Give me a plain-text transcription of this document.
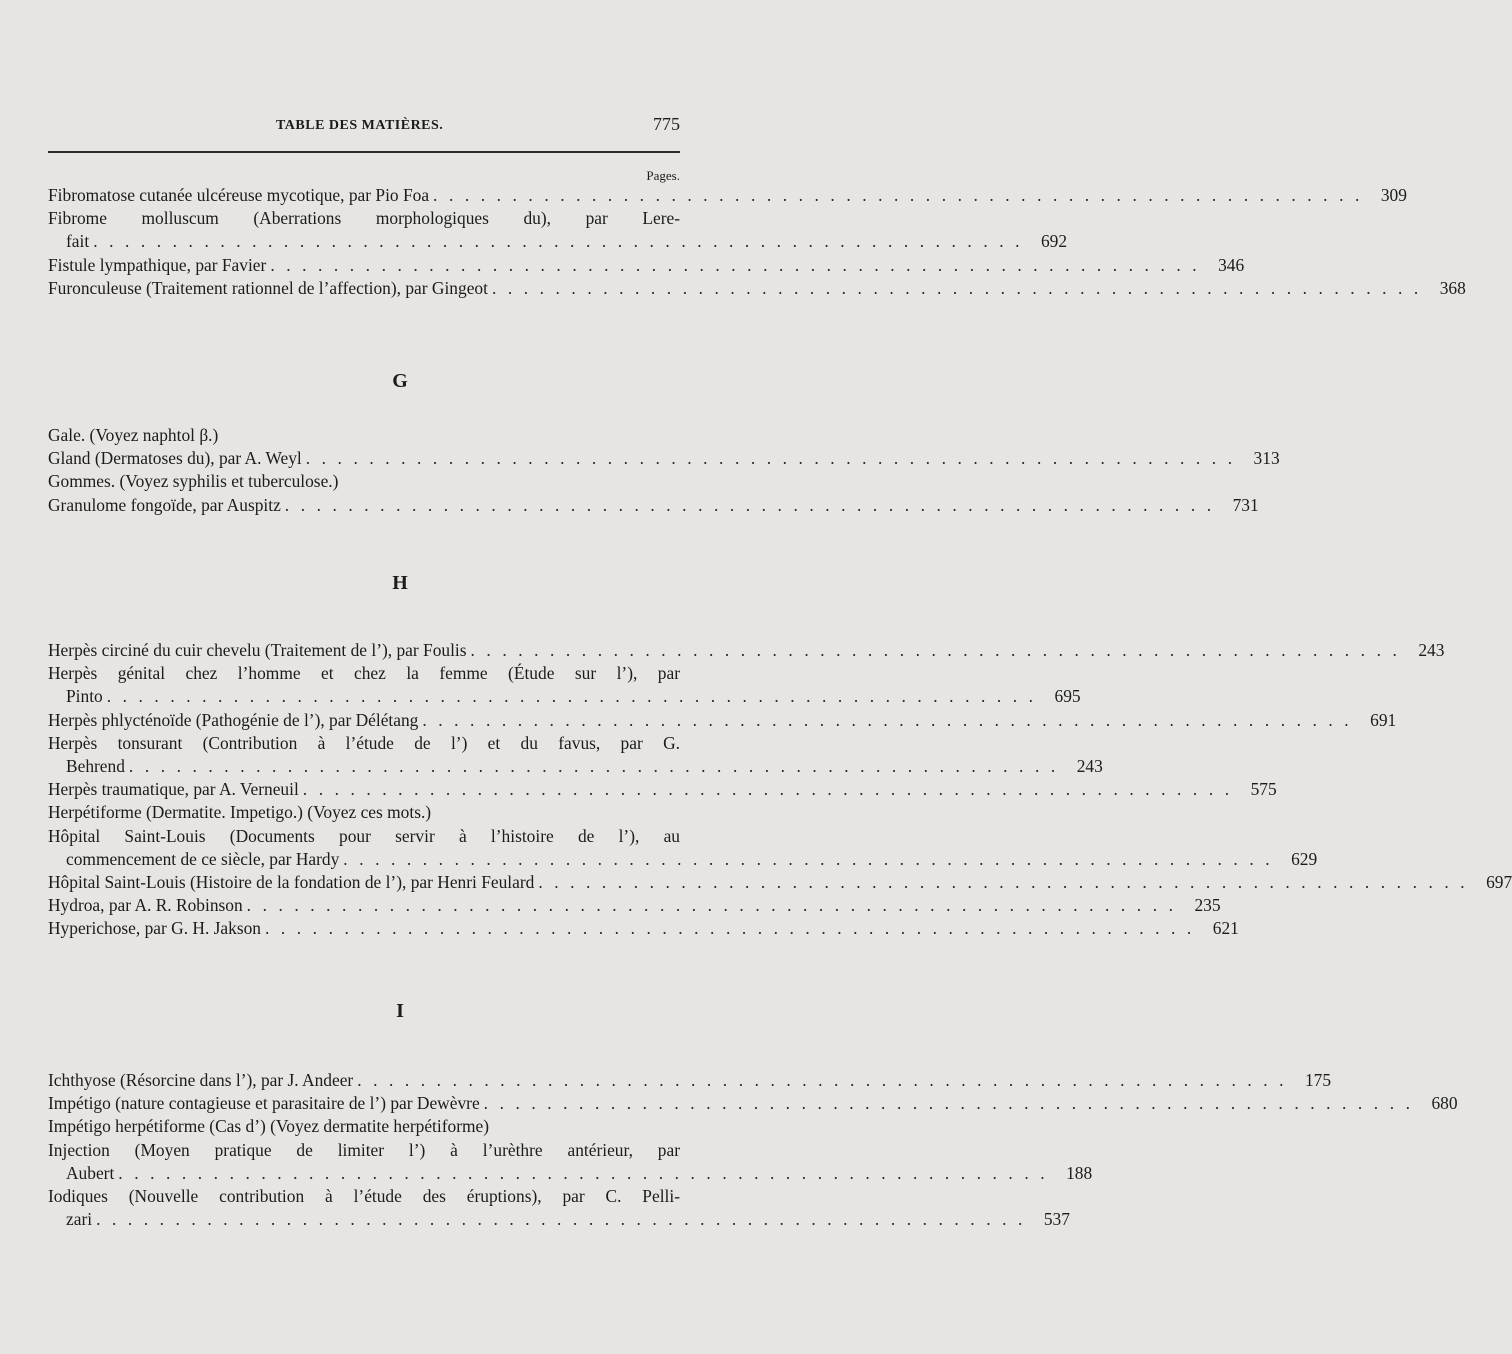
TABLE DES MATIÈRES.	775
Pages.
Fibromatose cutanée ulcéreuse mycotique, par Pio Foa . . . . . . . . . . . . . . . . . . . . . . . . . . . . . . . . . . . . . . . . . . . . . . . . . . . . . . . . . . .	309
Fibrome molluscum (Aberrations morphologiques du), par Lere-
fait . . . . . . . . . . . . . . . . . . . . . . . . . . . . . . . . . . . . . . . . . . . . . . . . . . . . . . . . . . .	692
Fistule lympathique, par Favier . . . . . . . . . . . . . . . . . . . . . . . . . . . . . . . . . . . . . . . . . . . . . . . . . . . . . . . . . . .	346
Furonculeuse (Traitement rationnel de l’affection), par Gingeot . . . . . . . . . . . . . . . . . . . . . . . . . . . . . . . . . . . . . . . . . . . . . . . . . . . . . . . . . . .	368
G
Gale. (Voyez naphtol β.)
Gland (Dermatoses du), par A. Weyl . . . . . . . . . . . . . . . . . . . . . . . . . . . . . . . . . . . . . . . . . . . . . . . . . . . . . . . . . . .	313
Gommes. (Voyez syphilis et tuberculose.)
Granulome fongoïde, par Auspitz . . . . . . . . . . . . . . . . . . . . . . . . . . . . . . . . . . . . . . . . . . . . . . . . . . . . . . . . . . .	731
H
Herpès circiné du cuir chevelu (Traitement de l’), par Foulis . . . . . . . . . . . . . . . . . . . . . . . . . . . . . . . . . . . . . . . . . . . . . . . . . . . . . . . . . . .	243
Herpès génital chez l’homme et chez la femme (Étude sur l’), par
Pinto . . . . . . . . . . . . . . . . . . . . . . . . . . . . . . . . . . . . . . . . . . . . . . . . . . . . . . . . . . .	695
Herpès phlycténoïde (Pathogénie de l’), par Délétang . . . . . . . . . . . . . . . . . . . . . . . . . . . . . . . . . . . . . . . . . . . . . . . . . . . . . . . . . . .	691
Herpès tonsurant (Contribution à l’étude de l’) et du favus, par G.
Behrend . . . . . . . . . . . . . . . . . . . . . . . . . . . . . . . . . . . . . . . . . . . . . . . . . . . . . . . . . . .	243
Herpès traumatique, par A. Verneuil . . . . . . . . . . . . . . . . . . . . . . . . . . . . . . . . . . . . . . . . . . . . . . . . . . . . . . . . . . .	575
Herpétiforme (Dermatite. Impetigo.) (Voyez ces mots.)
Hôpital Saint-Louis (Documents pour servir à l’histoire de l’), au
commencement de ce siècle, par Hardy . . . . . . . . . . . . . . . . . . . . . . . . . . . . . . . . . . . . . . . . . . . . . . . . . . . . . . . . . . .	629
Hôpital Saint-Louis (Histoire de la fondation de l’), par Henri Feulard . . . . . . . . . . . . . . . . . . . . . . . . . . . . . . . . . . . . . . . . . . . . . . . . . . . . . . . . . . .	697
Hydroa, par A. R. Robinson . . . . . . . . . . . . . . . . . . . . . . . . . . . . . . . . . . . . . . . . . . . . . . . . . . . . . . . . . . .	235
Hyperichose, par G. H. Jakson . . . . . . . . . . . . . . . . . . . . . . . . . . . . . . . . . . . . . . . . . . . . . . . . . . . . . . . . . . .	621
I
Ichthyose (Résorcine dans l’), par J. Andeer . . . . . . . . . . . . . . . . . . . . . . . . . . . . . . . . . . . . . . . . . . . . . . . . . . . . . . . . . . .	175
Impétigo (nature contagieuse et parasitaire de l’) par Dewèvre . . . . . . . . . . . . . . . . . . . . . . . . . . . . . . . . . . . . . . . . . . . . . . . . . . . . . . . . . . .	680
Impétigo herpétiforme (Cas d’) (Voyez dermatite herpétiforme)
Injection (Moyen pratique de limiter l’) à l’urèthre antérieur, par
Aubert . . . . . . . . . . . . . . . . . . . . . . . . . . . . . . . . . . . . . . . . . . . . . . . . . . . . . . . . . . .	188
Iodiques (Nouvelle contribution à l’étude des éruptions), par C. Pelli-
zari . . . . . . . . . . . . . . . . . . . . . . . . . . . . . . . . . . . . . . . . . . . . . . . . . . . . . . . . . . .	537
